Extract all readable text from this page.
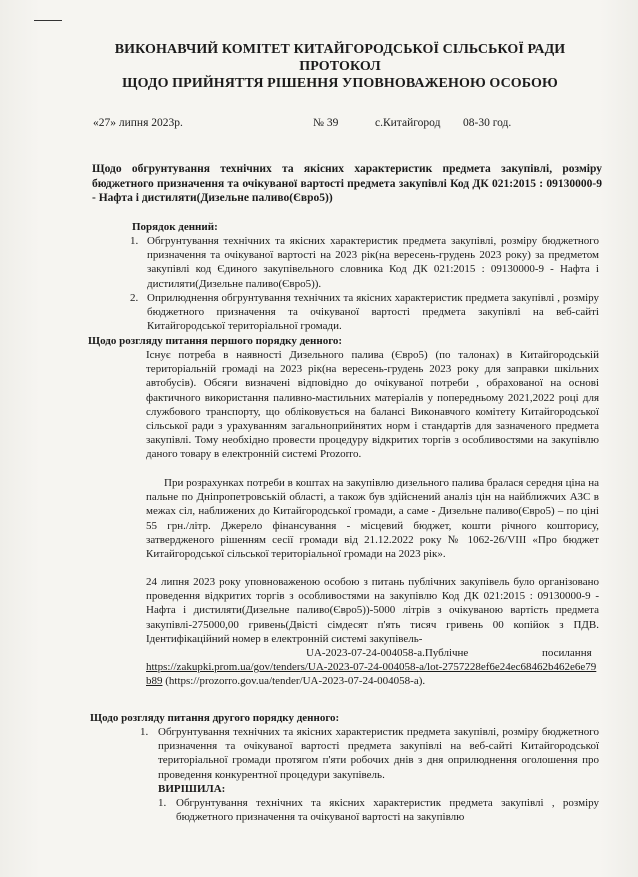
ВИКОНАВЧИЙ КОМІТЕТ КИТАЙГОРОДСЬКОЇ СІЛЬСЬКОЇ РАДИ
ПРОТОКОЛ
ЩОДО ПРИЙНЯТТЯ РІШЕННЯ УПОВНОВАЖЕНОЮ ОСОБОЮ
«27» липня 2023р.	№ 39	с.Китайгород 08-30 год.
Щодо обгрунтування технічних та якісних характеристик предмета закупівлі, розміру бюджетного призначення та очікуваної вартості предмета закупівлі Код ДК 021:2015 : 09130000-9 - Нафта і дистиляти(Дизельне паливо(Євро5))
Порядок денний:
1. Обгрунтування технічних та якісних характеристик предмета закупівлі, розміру бюджетного призначення та очікуваної вартості на 2023 рік(на вересень-грудень 2023 року) за предметом закупівлі код Єдиного закупівельного словника Код ДК 021:2015 : 09130000-9 - Нафта і дистиляти(Дизельне паливо(Євро5)).
2. Оприлюднення обгрунтування технічних та якісних характеристик предмета закупівлі , розміру бюджетного призначення та очікуваної вартості предмета закупівлі на веб-сайті Китайгородської територіальної громади.
Щодо розгляду питання першого порядку денного:
Існує потреба в наявності Дизельного палива (Євро5) (по талонах) в Китайгородській територіальній громаді на 2023 рік(на вересень-грудень 2023 року для заправки шкільних автобусів). Обсяги визначені відповідно до очікуваної потреби , обрахованої на основі фактичного використання паливно-мастильних матеріалів у попередньому 2021,2022 році для службового транспорту, що обліковується на балансі Виконавчого комітету Китайгородської сільської ради з урахуванням загальноприйнятих норм і стандартів для зазначеного предмета закупівлі. Тому необхідно провести процедуру відкритих торгів з особливостями на закупівлю даного товару в електронній системі Prozorro.
При розрахунках потреби в коштах на закупівлю дизельного палива бралася середня ціна на пальне по Дніпропетровській області, а також був здійснений аналіз цін на найближчих АЗС в межах сіл, наближених до Китайгородської громади, а саме - Дизельне паливо(Євро5) – по ціні 55 грн./літр. Джерело фінансування - місцевий бюджет, кошти річного кошторису, затвердженого рішенням сесії громади від 21.12.2022 року № 1062-26/VIII «Про бюджет Китайгородської сільської територіальної громади на 2023 рік».
24 липня 2023 року уповноваженою особою з питань публічних закупівель було організовано проведення відкритих торгів з особливостями на закупівлю Код ДК 021:2015 : 09130000-9 - Нафта і дистиляти(Дизельне паливо(Євро5))-5000 літрів з очікуваною вартість предмета закупівлі-275000,00 гривень(Двісті сімдесят п'ять тисяч гривень 00 копійок з ПДВ. Ідентифікаційний номер в електронній системі закупівель-
UA-2023-07-24-004058-a.Публічне	посилання
https://zakupki.prom.ua/gov/tenders/UA-2023-07-24-004058-a/lot-2757228ef6e24ec68462b462e6e79b89 (https://prozorro.gov.ua/tender/UA-2023-07-24-004058-a).
Щодо розгляду питання другого порядку денного:
1. Обгрунтування технічних та якісних характеристик предмета закупівлі, розміру бюджетного призначення та очікуваної вартості предмета закупівлі на веб-сайті Китайгородської територіальної громади протягом п'яти робочих днів з дня оприлюднення оголошення про проведення конкурентної процедури закупівель.
ВИРІШИЛА:
1. Обгрунтування технічних та якісних характеристик предмета закупівлі , розміру бюджетного призначення та очікуваної вартості на закупівлю
